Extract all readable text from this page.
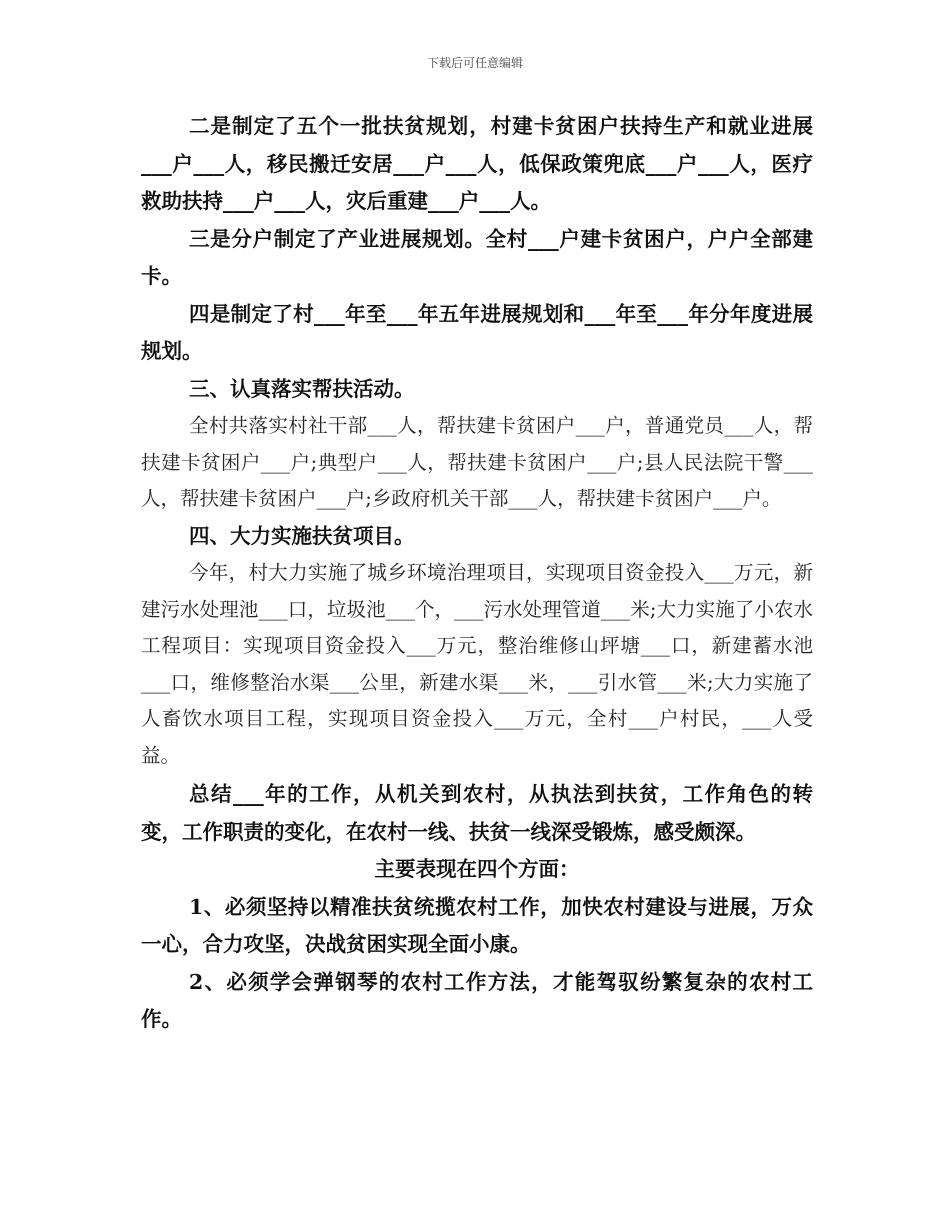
下载后可任意编辑

二是制定了五个一批扶贫规划，村建卡贫困户扶持生产和就业进展___户___人，移民搬迁安居___户___人，低保政策兜底___户___人，医疗救助扶持___户___人，灾后重建___户___人。

三是分户制定了产业进展规划。全村___户建卡贫困户，户户全部建卡。

四是制定了村___年至___年五年进展规划和___年至___年分年度进展规划。

三、认真落实帮扶活动。

全村共落实村社干部___人，帮扶建卡贫困户___户，普通党员___人，帮扶建卡贫困户___户;典型户___人，帮扶建卡贫困户___户;县人民法院干警___人，帮扶建卡贫困户___户;乡政府机关干部___人，帮扶建卡贫困户___户。

四、大力实施扶贫项目。

今年，村大力实施了城乡环境治理项目，实现项目资金投入___万元，新建污水处理池___口，垃圾池___个，___污水处理管道___米;大力实施了小农水工程项目：实现项目资金投入___万元，整治维修山坪塘___口，新建蓄水池___口，维修整治水渠___公里，新建水渠___米，___引水管___米;大力实施了人畜饮水项目工程，实现项目资金投入___万元，全村___户村民，___人受益。

总结___年的工作，从机关到农村，从执法到扶贫，工作角色的转变，工作职责的变化，在农村一线、扶贫一线深受锻炼，感受颇深。

主要表现在四个方面：

1、必须坚持以精准扶贫统揽农村工作，加快农村建设与进展，万众一心，合力攻坚，决战贫困实现全面小康。

2、必须学会弹钢琴的农村工作方法，才能驾驭纷繁复杂的农村工作。
